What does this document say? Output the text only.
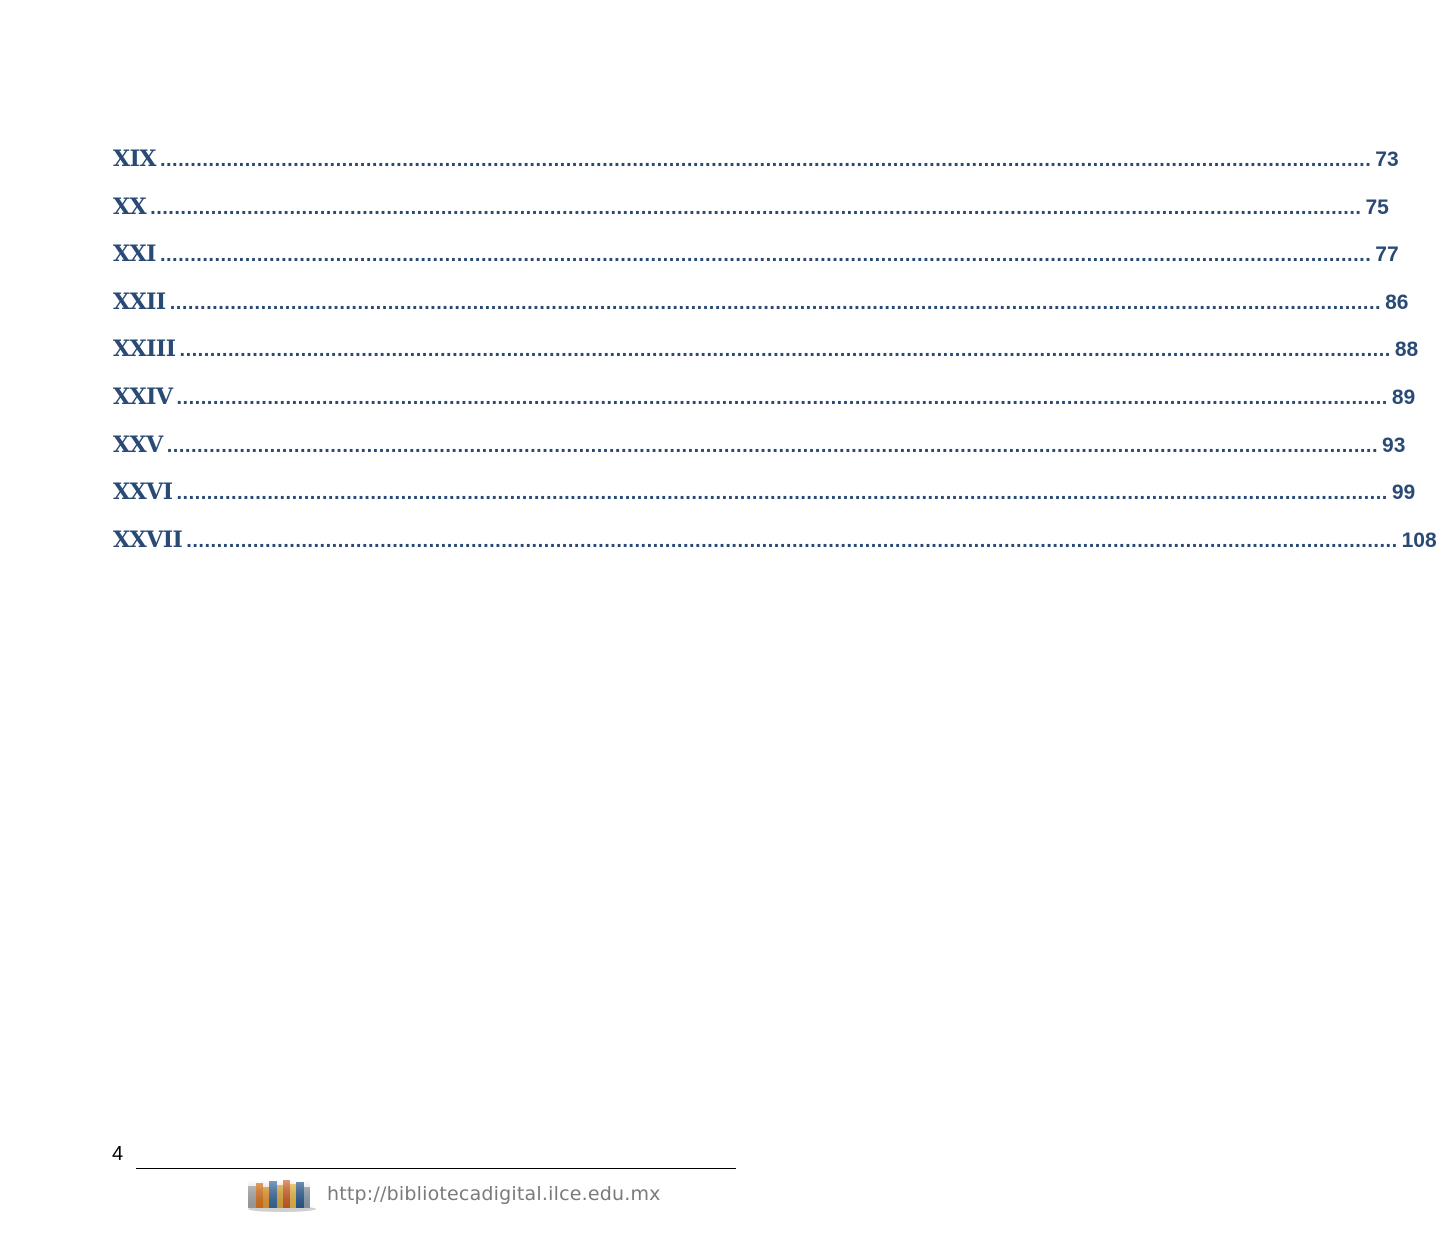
XIX ........................................................................................................................................................................................................ 73
XX ........................................................................................................................................................................................................ 75
XXI ........................................................................................................................................................................................................ 77
XXII ........................................................................................................................................................................................................ 86
XXIII ........................................................................................................................................................................................................ 88
XXIV ........................................................................................................................................................................................................ 89
XXV ........................................................................................................................................................................................................ 93
XXVI ........................................................................................................................................................................................................ 99
XXVII ........................................................................................................................................................................................................ 108
4
http://bibliotecadigital.ilce.edu.mx
